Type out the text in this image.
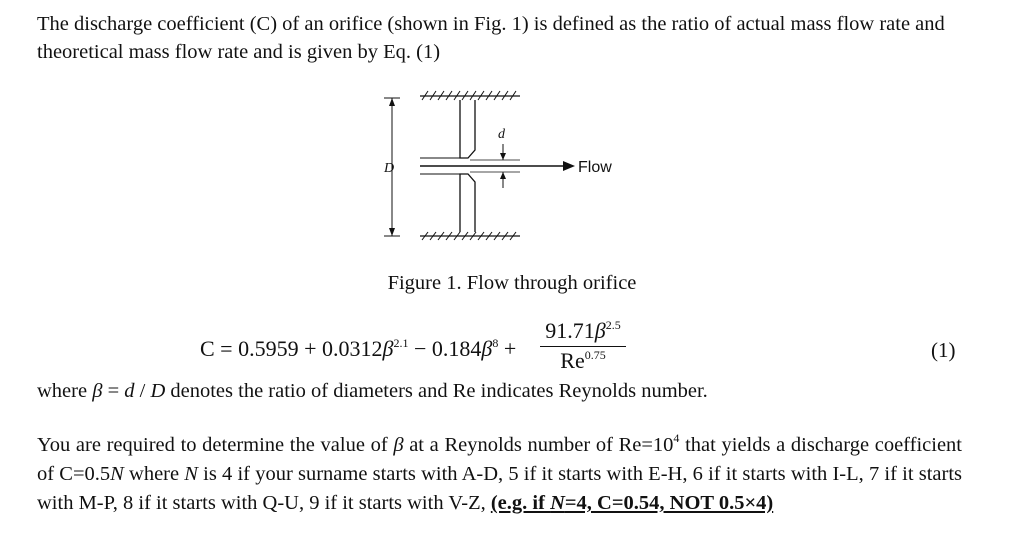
The discharge coefficient (C) of an orifice (shown in Fig. 1) is defined as the ratio of actual mass flow rate and theoretical mass flow rate and is given by Eq. (1)

D
d
Flow
Figure 1. Flow through orifice
$C = 0.5959 + 0.0312\beta^{2.1} - 0.184\beta^8$ +
$91.71\beta^{2.5}$
$Re^{0.75}$	(1)
where β = d / D denotes the ratio of diameters and Re indicates Reynolds number.

You are required to determine the value of β at a Reynolds number of $Re=10^4$ that yields a discharge coefficient of C=0.5N where N is 4 if your surname starts with A-D, 5 if it starts with E-H, 6 if it starts with I-L, 7 if it starts with M-P, 8 if it starts with Q-U, 9 if it starts with V-Z, (e.g. if N=4, C=0.54, NOT 0.5×4)
